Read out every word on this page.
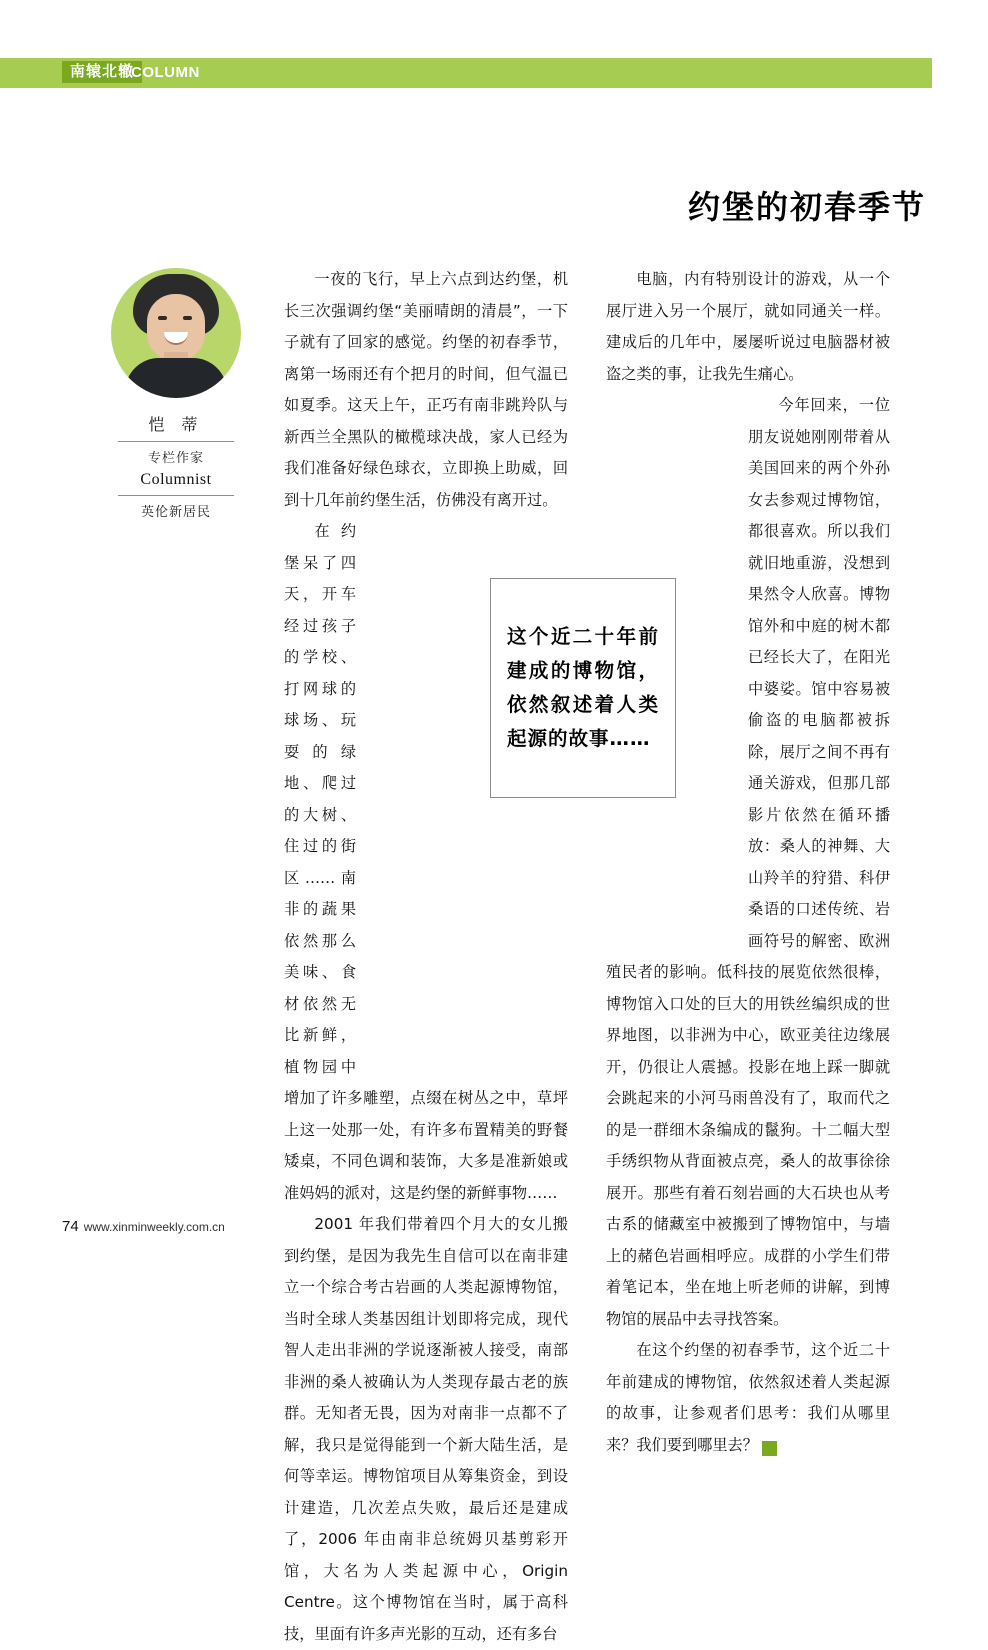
南辕北辙
COLUMN
约堡的初春季节
恺 蒂
专栏作家
Columnist
英伦新居民

一夜的飞行，早上六点到达约堡，机长三次强调约堡“美丽晴朗的清晨”，一下子就有了回家的感觉。约堡的初春季节，离第一场雨还有个把月的时间，但气温已如夏季。这天上午，正巧有南非跳羚队与新西兰全黑队的橄榄球决战，家人已经为我们准备好绿色球衣，立即换上助威，回到十几年前约堡生活，仿佛没有离开过。

在约堡呆了四天，开车经过孩子的学校、打网球的球场、玩耍的绿地、爬过的大树、住过的街区……南非的蔬果依然那么美味、食材依然无比新鲜，植物园中增加了许多雕塑，点缀在树丛之中，草坪上这一处那一处，有许多布置精美的野餐矮桌，不同色调和装饰，大多是准新娘或准妈妈的派对，这是约堡的新鲜事物……

2001 年我们带着四个月大的女儿搬到约堡，是因为我先生自信可以在南非建立一个综合考古岩画的人类起源博物馆，当时全球人类基因组计划即将完成，现代智人走出非洲的学说逐渐被人接受，南部非洲的桑人被确认为人类现存最古老的族群。无知者无畏，因为对南非一点都不了解，我只是觉得能到一个新大陆生活，是何等幸运。博物馆项目从筹集资金，到设计建造，几次差点失败，最后还是建成了，2006 年由南非总统姆贝基剪彩开馆，大名为人类起源中心，Origin Centre。这个博物馆在当时，属于高科技，里面有许多声光影的互动，还有多台

电脑，内有特别设计的游戏，从一个展厅进入另一个展厅，就如同通关一样。建成后的几年中，屡屡听说过电脑器材被盗之类的事，让我先生痛心。

今年回来，一位朋友说她刚刚带着从美国回来的两个外孙女去参观过博物馆，都很喜欢。所以我们就旧地重游，没想到果然令人欣喜。博物馆外和中庭的树木都已经长大了，在阳光中婆娑。馆中容易被偷盗的电脑都被拆除，展厅之间不再有通关游戏，但那几部影片依然在循环播放：桑人的神舞、大山羚羊的狩猎、科伊桑语的口述传统、岩画符号的解密、欧洲殖民者的影响。低科技的展览依然很棒，博物馆入口处的巨大的用铁丝编织成的世界地图，以非洲为中心，欧亚美往边缘展开，仍很让人震撼。投影在地上踩一脚就会跳起来的小河马雨兽没有了，取而代之的是一群细木条编成的鬣狗。十二幅大型手绣织物从背面被点亮，桑人的故事徐徐展开。那些有着石刻岩画的大石块也从考古系的储藏室中被搬到了博物馆中，与墙上的赭色岩画相呼应。成群的小学生们带着笔记本，坐在地上听老师的讲解，到博物馆的展品中去寻找答案。

在这个约堡的初春季节，这个近二十年前建成的博物馆，依然叙述着人类起源的故事，让参观者们思考：我们从哪里来？我们要到哪里去？	风

这个近二十年前建成的博物馆，依然叙述着人类起源的故事……
74 www.xinminweekly.com.cn
